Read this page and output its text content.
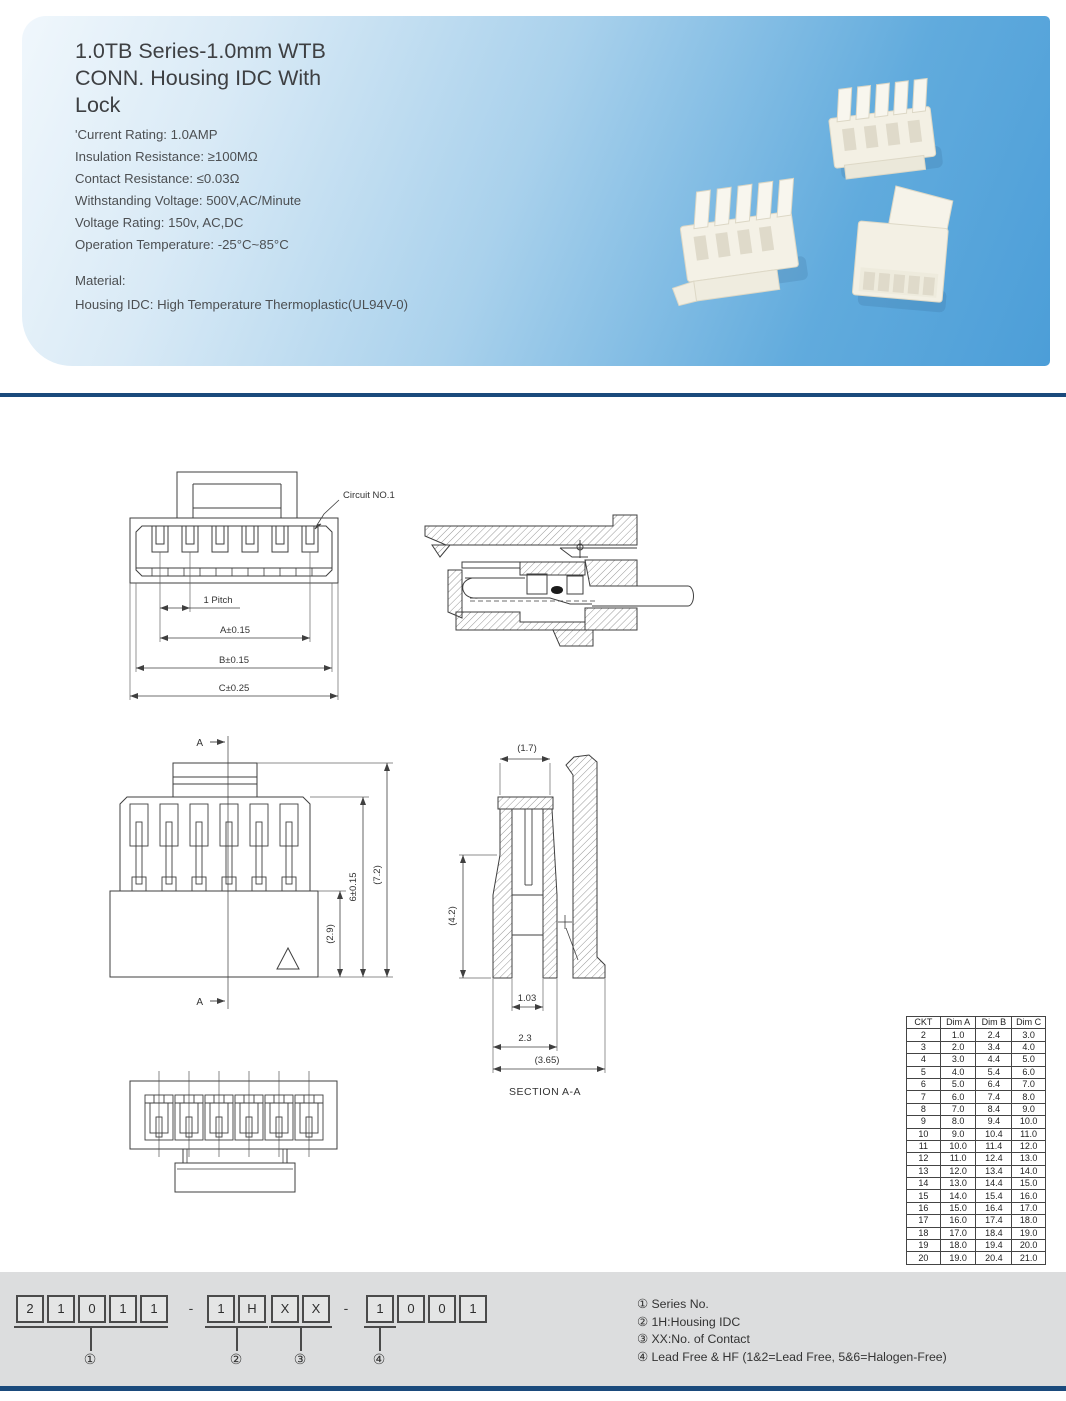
1.0TB Series-1.0mm WTB CONN. Housing IDC With Lock
'Current Rating: 1.0AMP
Insulation Resistance: ≥100MΩ
Contact Resistance: ≤0.03Ω
Withstanding Voltage: 500V,AC/Minute
Voltage Rating: 150v, AC,DC
Operation Temperature: -25°C~85°C
Material:
Housing IDC: High Temperature Thermoplastic(UL94V-0)
1 Pitch
A±0.15
B±0.15
C±0.25
Circuit NO.1
A
A
(2.9)
6±0.15 (7.2)
(1.7)
(4.2)
1.03
2.3
(3.65)
SECTION A-A
CKT	Dim A	Dim B	Dim C
2	1.0	2.4	3.0
3	2.0	3.4	4.0
4	3.0	4.4	5.0
5	4.0	5.4	6.0
6	5.0	6.4	7.0
7	6.0	7.4	8.0
8	7.0	8.4	9.0
9	8.0	9.4	10.0
10	9.0	10.4	11.0
11	10.0	11.4	12.0
12	11.0	12.4	13.0
13	12.0	13.4	14.0
14	13.0	14.4	15.0
15	14.0	15.4	16.0
16	15.0	16.4	17.0
17	16.0	17.4	18.0
18	17.0	18.4	19.0
19	18.0	19.4	20.0
20	19.0	20.4	21.0
2	1	0	1	1	-	1	H	X	X	-	1	0	0	1
①	②	③	④
① Series No.
② 1H:Housing IDC
③ XX:No. of Contact
④ Lead Free & HF (1&2=Lead Free, 5&6=Halogen-Free)
